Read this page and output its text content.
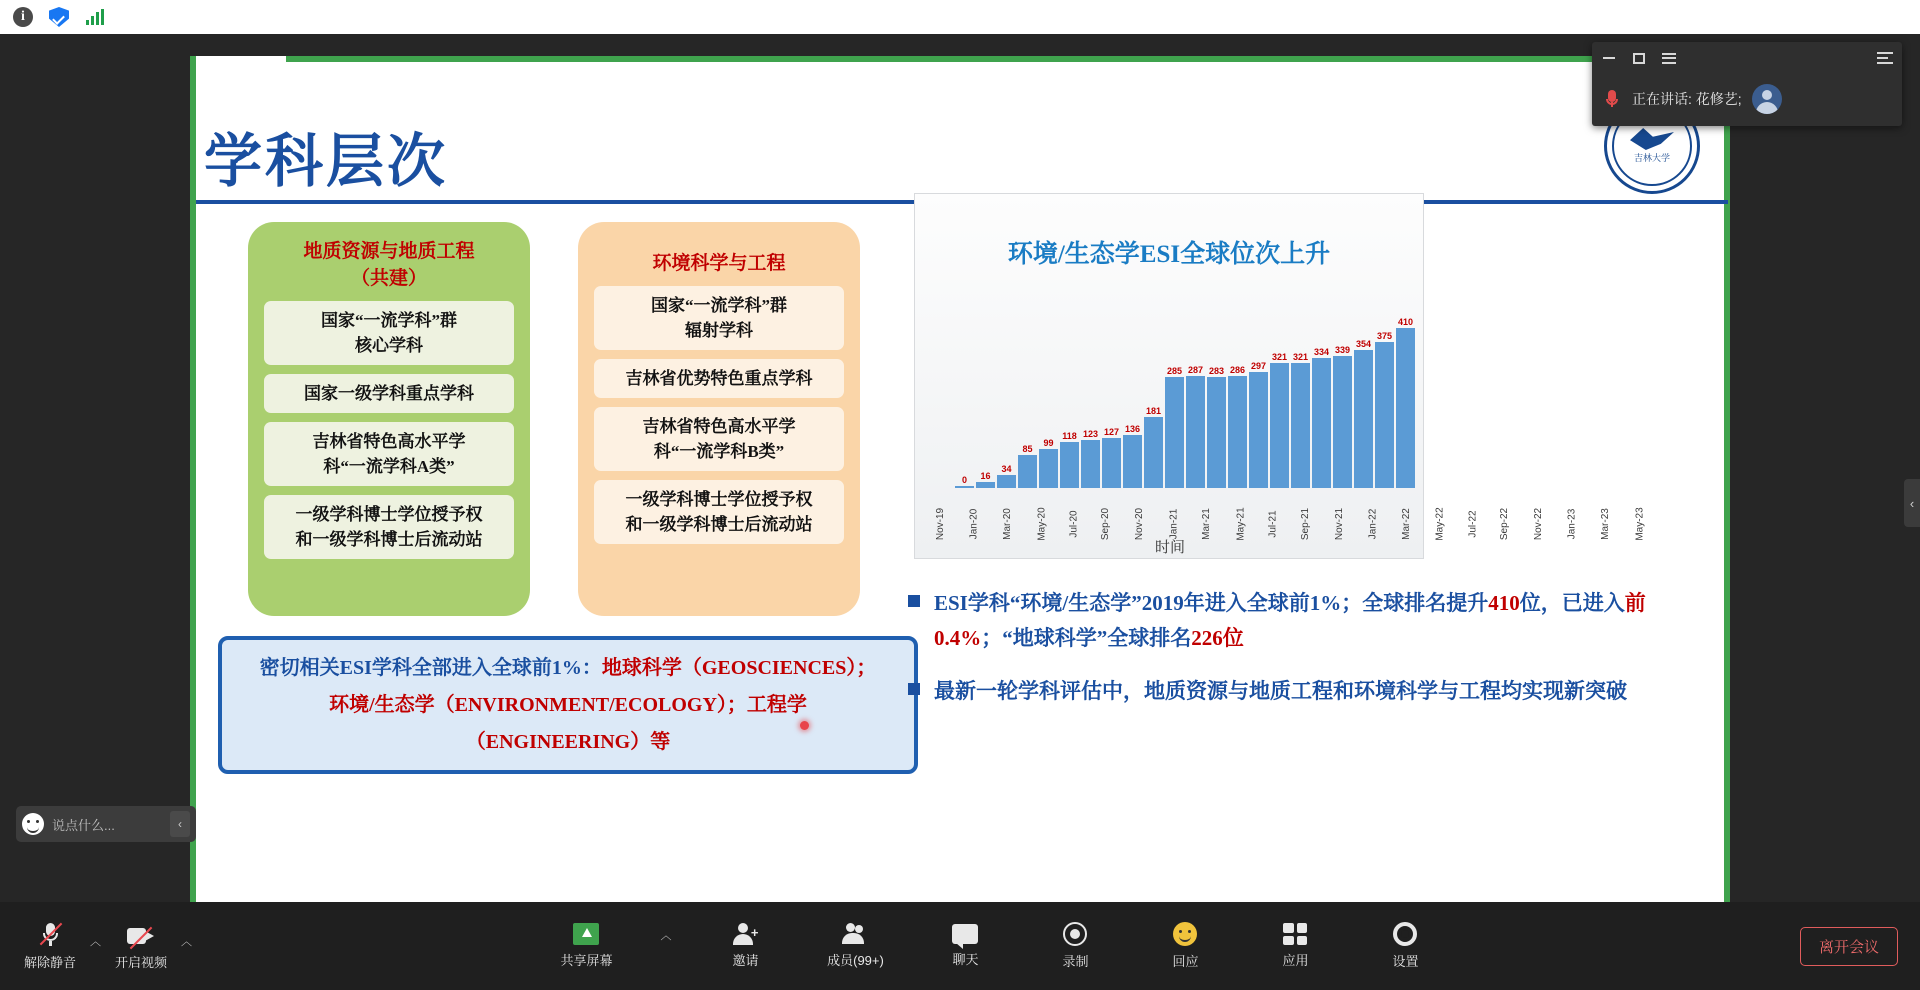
i
学科层次	吉林大学
地质资源与地质工程
（共建）
国家“一流学科”群
核心学科
国家一级学科重点学科
吉林省特色高水平学
科“一流学科A类”
一级学科博士学位授予权
和一级学科博士后流动站
环境科学与工程
国家“一流学科”群
辐射学科
吉林省优势特色重点学科
吉林省特色高水平学
科“一流学科B类”
一级学科博士学位授予权
和一级学科博士后流动站

密切相关ESI学科全部进入全球前1%：地球科学（GEOSCIENCES）；
环境/生态学（ENVIRONMENT/ECOLOGY）；工程学
（ENGINEERING）等

环境/生态学ESI全球位次上升
0 16
34
85
99
118 123 127 136
181
285 287 283 286 297
321 321
334 339
354
375
410
Nov-19	Jan-20	Mar-20	May-20	Jul-20	Sep-20	Nov-20	Jan-21	Mar-21	May-21	Jul-21	Sep-21	Nov-21	Jan-22	Mar-22	May-22	Jul-22	Sep-22	Nov-22	Jan-23	Mar-23	May-23
时间

ESI学科“环境/生态学”2019年进入全球前1%；全球排名提升410位，已进入前0.4%；“地球科学”全球排名226位

最新一轮学科评估中，地质资源与地质工程和环境科学与工程均实现新突破

正在讲话: 花修艺;
‹
说点什么...	‹
解除静音
︿
开启视频
︿
共享屏幕
︿	+
邀请	成员(99+)	聊天	录制	回应	应用	设置
离开会议
